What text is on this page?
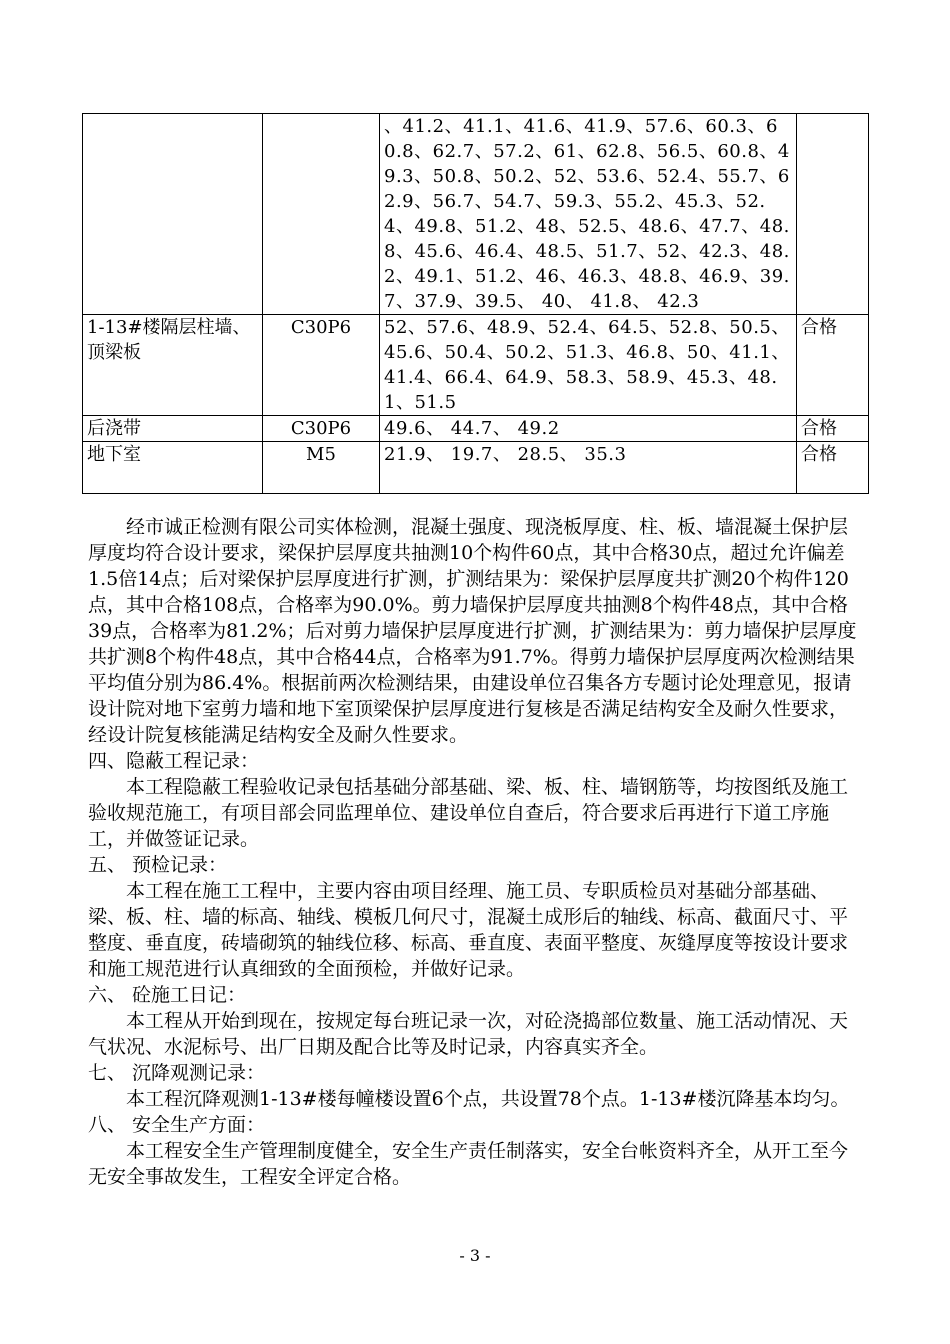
		、41.2、41.1、41.6、41.9、57.6、60.3、60.8、62.7、57.2、61、62.8、56.5、60.8、49.3、50.8、50.2、52、53.6、52.4、55.7、62.9、56.7、54.7、59.3、55.2、45.3、52.4、49.8、51.2、48、52.5、48.6、47.7、48.8、45.6、46.4、48.5、51.7、52、42.3、48.2、49.1、51.2、46、46.3、48.8、46.9、39.7、37.9、39.5、 40、 41.8、 42.3	

1-13#楼隔层柱墙、顶梁板	C30P6	52、57.6、48.9、52.4、64.5、52.8、50.5、45.6、50.4、50.2、51.3、46.8、50、41.1、41.4、66.4、64.9、58.3、58.9、45.3、48.1、51.5	合格

后浇带	C30P6	49.6、 44.7、 49.2	合格

地下室	M5	21.9、 19.7、 28.5、 35.3	合格

经市诚正检测有限公司实体检测，混凝土强度、现浇板厚度、柱、板、墙混凝土保护层厚度均符合设计要求，梁保护层厚度共抽测10个构件60点，其中合格30点，超过允许偏差1.5倍14点；后对梁保护层厚度进行扩测，扩测结果为：梁保护层厚度共扩测20个构件120点，其中合格108点，合格率为90.0%。剪力墙保护层厚度共抽测8个构件48点，其中合格39点，合格率为81.2%；后对剪力墙保护层厚度进行扩测，扩测结果为：剪力墙保护层厚度共扩测8个构件48点，其中合格44点，合格率为91.7%。得剪力墙保护层厚度两次检测结果平均值分别为86.4%。根据前两次检测结果，由建设单位召集各方专题讨论处理意见，报请设计院对地下室剪力墙和地下室顶梁保护层厚度进行复核是否满足结构安全及耐久性要求，经设计院复核能满足结构安全及耐久性要求。

四、隐蔽工程记录：

本工程隐蔽工程验收记录包括基础分部基础、梁、板、柱、墙钢筋等，均按图纸及施工验收规范施工，有项目部会同监理单位、建设单位自查后，符合要求后再进行下道工序施工，并做签证记录。

五、 预检记录：

本工程在施工工程中，主要内容由项目经理、施工员、专职质检员对基础分部基础、梁、板、柱、墙的标高、轴线、模板几何尺寸，混凝土成形后的轴线、标高、截面尺寸、平整度、垂直度，砖墙砌筑的轴线位移、标高、垂直度、表面平整度、灰缝厚度等按设计要求和施工规范进行认真细致的全面预检，并做好记录。

六、 砼施工日记：

本工程从开始到现在，按规定每台班记录一次，对砼浇捣部位数量、施工活动情况、天气状况、水泥标号、出厂日期及配合比等及时记录，内容真实齐全。

七、 沉降观测记录：

本工程沉降观测1-13#楼每幢楼设置6个点，共设置78个点。1-13#楼沉降基本均匀。

八、 安全生产方面：

本工程安全生产管理制度健全，安全生产责任制落实，安全台帐资料齐全，从开工至今无安全事故发生，工程安全评定合格。

- 3 -
